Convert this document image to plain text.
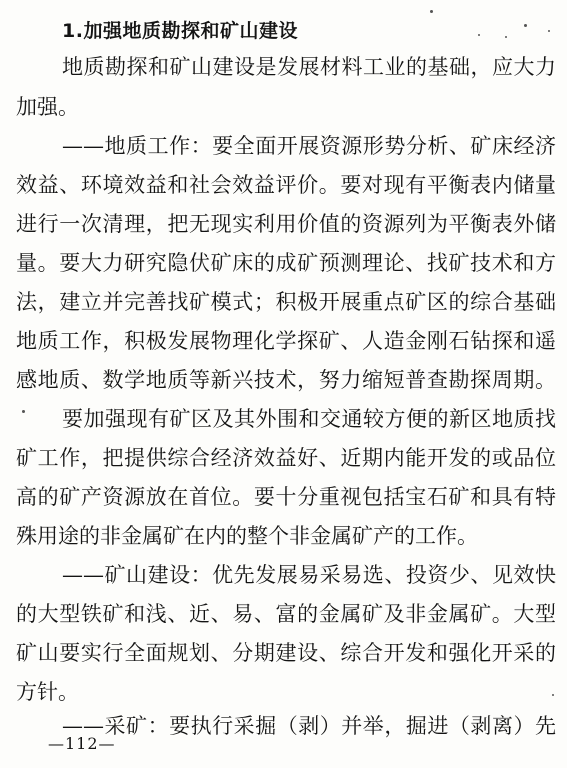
1.加强地质勘探和矿山建设
地质勘探和矿山建设是发展材料工业的基础，应大力
加强。
——地质工作：要全面开展资源形势分析、矿床经济
效益、环境效益和社会效益评价。要对现有平衡表内储量
进行一次清理，把无现实利用价值的资源列为平衡表外储
量。要大力研究隐伏矿床的成矿预测理论、找矿技术和方
法，建立并完善找矿模式；积极开展重点矿区的综合基础
地质工作，积极发展物理化学探矿、人造金刚石钻探和遥
感地质、数学地质等新兴技术，努力缩短普查勘探周期。
要加强现有矿区及其外围和交通较方便的新区地质找
矿工作，把提供综合经济效益好、近期内能开发的或品位
高的矿产资源放在首位。要十分重视包括宝石矿和具有特
殊用途的非金属矿在内的整个非金属矿产的工作。
——矿山建设：优先发展易采易选、投资少、见效快
的大型铁矿和浅、近、易、富的金属矿及非金属矿。大型
矿山要实行全面规划、分期建设、综合开发和强化开采的
方针。
——采矿：要执行采掘（剥）并举，掘进（剥离）先
—112—
